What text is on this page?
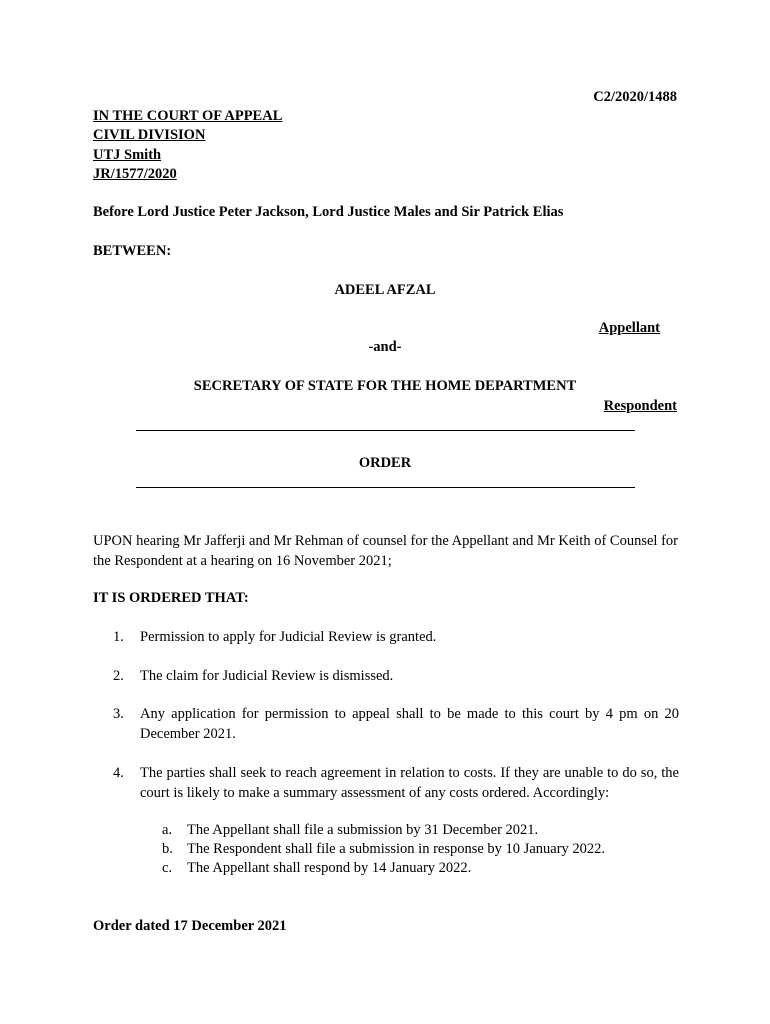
C2/2020/1488
IN THE COURT OF APPEAL
CIVIL DIVISION
UTJ Smith
JR/1577/2020
Before Lord Justice Peter Jackson, Lord Justice Males and Sir Patrick Elias
BETWEEN:
ADEEL AFZAL
Appellant
-and-
SECRETARY OF STATE FOR THE HOME DEPARTMENT
Respondent
ORDER
UPON hearing Mr Jafferji and Mr Rehman of counsel for the Appellant and Mr Keith of Counsel for the Respondent at a hearing on 16 November 2021;
IT IS ORDERED THAT:
1. Permission to apply for Judicial Review is granted.
2. The claim for Judicial Review is dismissed.
3. Any application for permission to appeal shall to be made to this court by 4 pm on 20 December 2021.
4. The parties shall seek to reach agreement in relation to costs. If they are unable to do so, the court is likely to make a summary assessment of any costs ordered. Accordingly:
a. The Appellant shall file a submission by 31 December 2021.
b. The Respondent shall file a submission in response by 10 January 2022.
c. The Appellant shall respond by 14 January 2022.
Order dated 17 December 2021
